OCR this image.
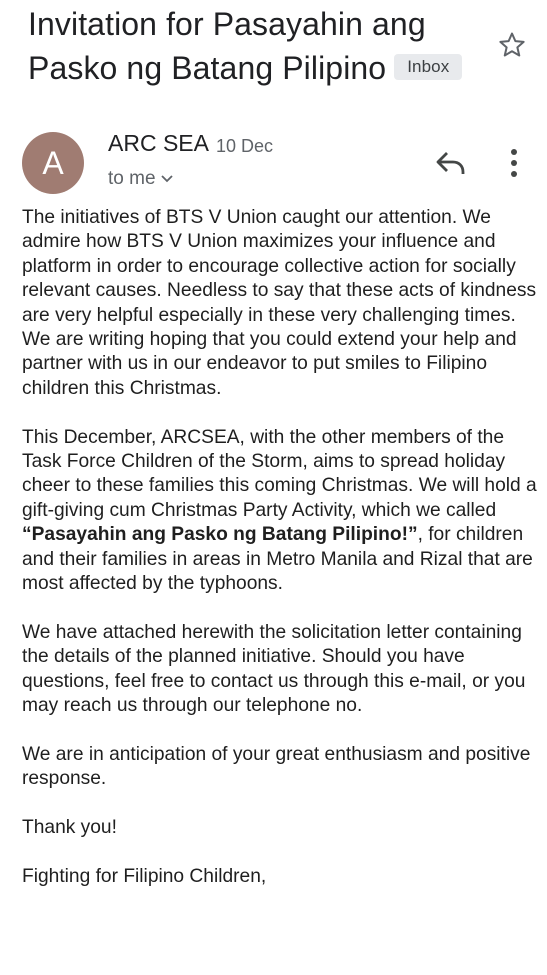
Invitation for Pasayahin ang Pasko ng Batang Pilipino Inbox
A
ARC SEA 10 Dec
to me

The initiatives of BTS V Union caught our attention. We admire how BTS V Union maximizes your influence and platform in order to encourage collective action for socially relevant causes. Needless to say that these acts of kindness are very helpful especially in these very challenging times. We are writing hoping that you could extend your help and partner with us in our endeavor to put smiles to Filipino children this Christmas.

This December, ARCSEA, with the other members of the Task Force Children of the Storm, aims to spread holiday cheer to these families this coming Christmas. We will hold a gift-giving cum Christmas Party Activity, which we called “Pasayahin ang Pasko ng Batang Pilipino!”, for children and their families in areas in Metro Manila and Rizal that are most affected by the typhoons.

We have attached herewith the solicitation letter containing the details of the planned initiative. Should you have questions, feel free to contact us through this e-mail, or you may reach us through our telephone no.

We are in anticipation of your great enthusiasm and positive response.

Thank you!

Fighting for Filipino Children,
